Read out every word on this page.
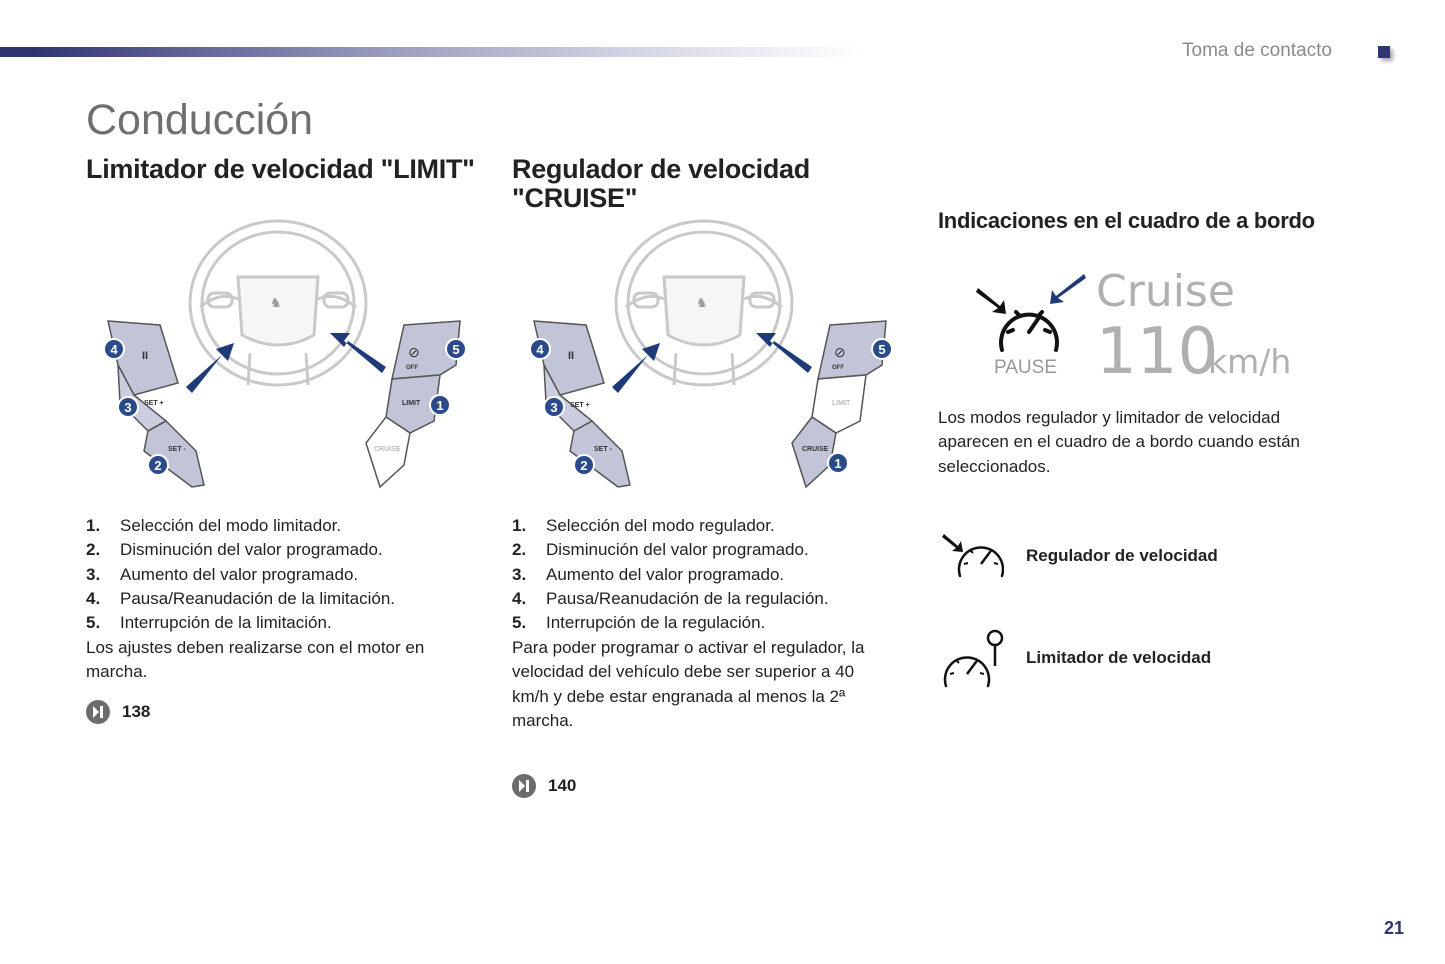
Toma de contacto
Conducción
Limitador de velocidad "LIMIT"
♞
II
SET +
SET -
⊘
OFF
LIMIT
CRUISE
4
3
2
5
1
1.	Selección del modo limitador.
2.	Disminución del valor programado.
3.	Aumento del valor programado.
4.	Pausa/Reanudación de la limitación.
5.	Interrupción de la limitación.
Los ajustes deben realizarse con el motor en marcha.
138
Regulador de velocidad
"CRUISE"
♞
II
SET +
SET -
⊘
OFF
LIMIT
CRUISE
4
3
2
5
1
1.	Selección del modo regulador.
2.	Disminución del valor programado.
3.	Aumento del valor programado.
4.	Pausa/Reanudación de la regulación.
5.	Interrupción de la regulación.
Para poder programar o activar el regulador, la velocidad del vehículo debe ser superior a 40 km/h y debe estar engranada al menos la 2ª marcha.
140
Indicaciones en el cuadro de a bordo
PAUSE
Cruise
110
km/h
Los modos regulador y limitador de velocidad aparecen en el cuadro de a bordo cuando están seleccionados.
Regulador de velocidad
Limitador de velocidad
21
